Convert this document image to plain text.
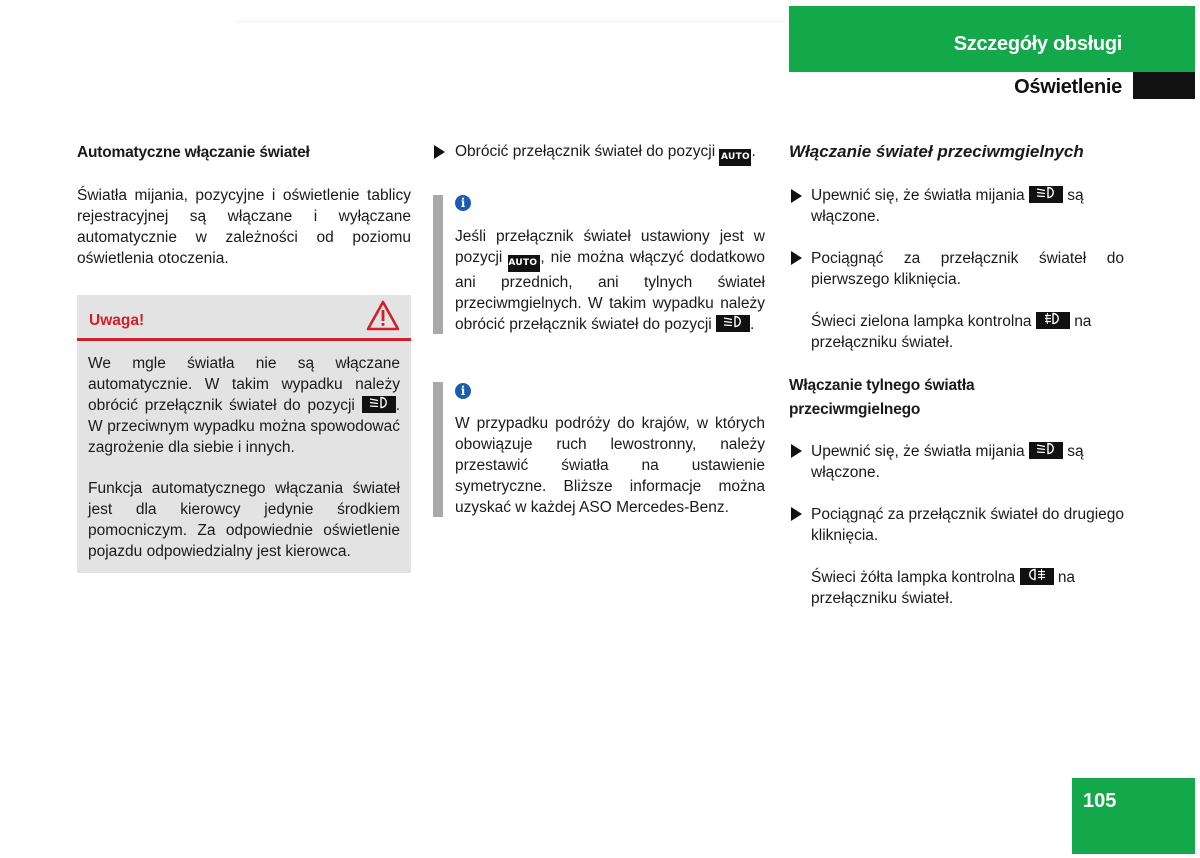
Szczegóły obsługi
Oświetlenie
Automatyczne włączanie świateł

Światła mijania, pozycyjne i oświetlenie tablicy rejestracyjnej są włączane i wyłączane automatycznie w zależności od poziomu oświetlenia otoczenia.

Uwaga!

We mgle światła nie są włączane automatycznie. W takim wypadku należy obrócić przełącznik świateł do pozycji	. W przeciwnym wypadku można spowodować zagrożenie dla siebie i innych.

Funkcja automatycznego włączania świateł jest dla kierowcy jedynie środkiem pomocniczym. Za odpowiednie oświetlenie pojazdu odpowiedzialny jest kierowca.

Obrócić przełącznik świateł do pozycji AUTO.

i

Jeśli przełącznik świateł ustawiony jest w pozycji AUTO , nie można włączyć dodatkowo ani przednich, ani tylnych świateł przeciwmgielnych. W takim wypadku należy obrócić przełącznik świateł do pozycji .

i

W przypadku podróży do krajów, w których obowiązuje ruch lewostronny, należy przestawić światła na ustawienie symetryczne. Bliższe informacje można uzyskać w każdej ASO Mercedes-Benz.

Włączanie świateł przeciwmgielnych

Upewnić się, że światła mijania	są włączone.

Pociągnąć za przełącznik świateł do pierwszego kliknięcia.

Świeci zielona lampka kontrolna	na przełączniku świateł.

Włączanie tylnego światła przeciwmgielnego

Upewnić się, że światła mijania	są włączone.

Pociągnąć za przełącznik świateł do drugiego kliknięcia.

Świeci żółta lampka kontrolna	na przełączniku świateł.

105
